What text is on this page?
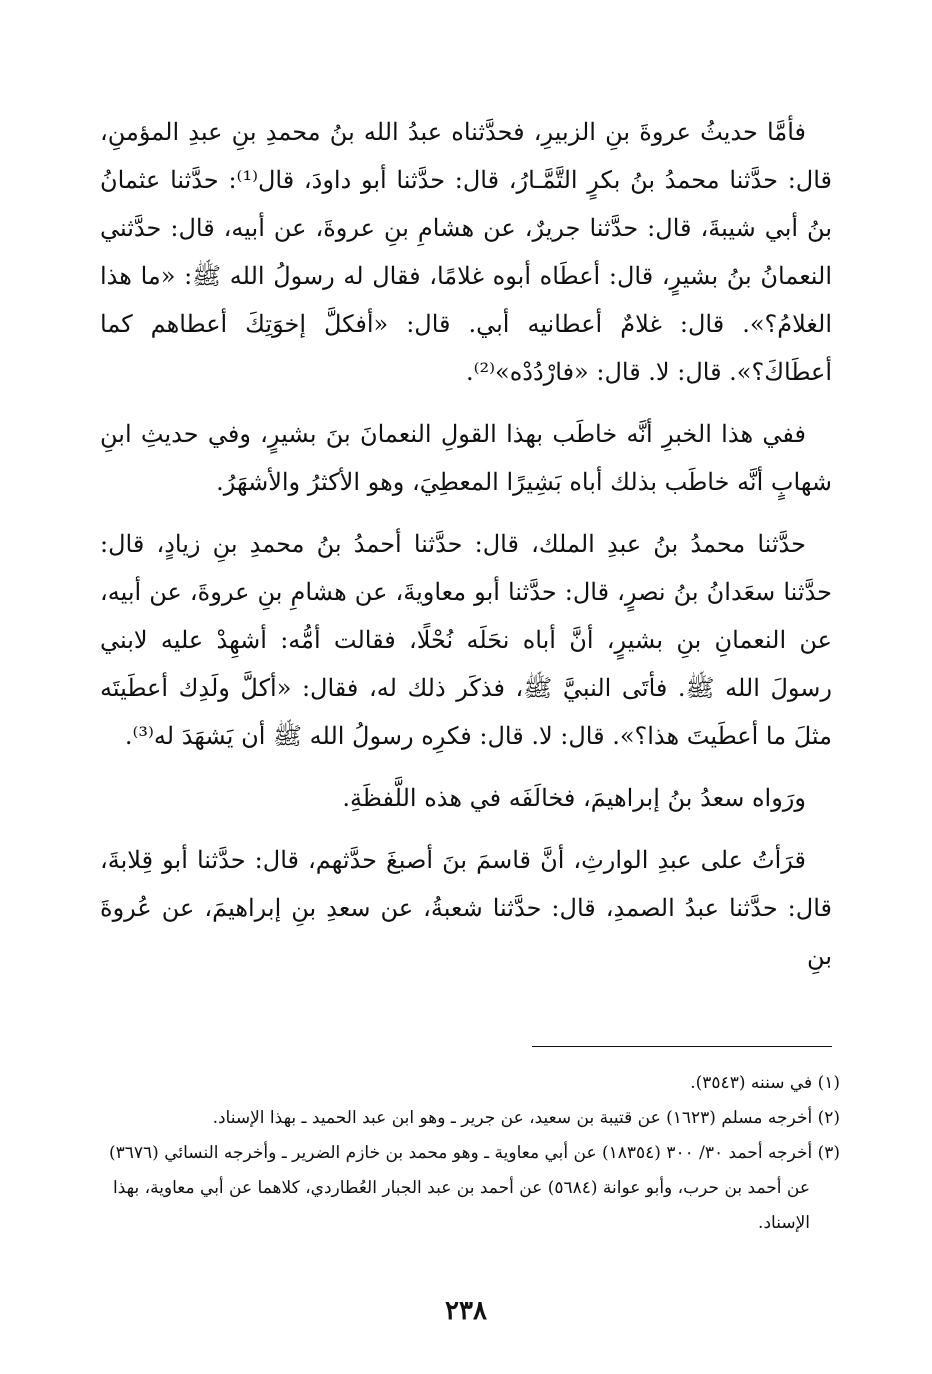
فأمَّا حديثُ عروةَ بنِ الزبيرِ، فحدَّثناه عبدُ الله بنُ محمدِ بنِ عبدِ المؤمنِ، قال: حدَّثنا محمدُ بنُ بكرٍ التَّمَّـارُ، قال: حدَّثنا أبو داودَ، قال⁽¹⁾: حدَّثنا عثمانُ بنُ أبي شيبةَ، قال: حدَّثنا جريرٌ، عن هشامِ بنِ عروةَ، عن أبيه، قال: حدَّثني النعمانُ بنُ بشيرٍ، قال: أعطَاه أبوه غلامًا، فقال له رسولُ الله ﷺ: «ما هذا الغلامُ؟». قال: غلامٌ أعطانيه أبي. قال: «أفكلَّ إخوَتِكَ أعطاهم كما أعطَاكَ؟». قال: لا. قال: «فارْدُدْه»⁽²⁾.

ففي هذا الخبرِ أنَّه خاطَب بهذا القولِ النعمانَ بنَ بشيرٍ، وفي حديثِ ابنِ شهابٍ أنَّه خاطَب بذلك أباه بَشِيرًا المعطِيَ، وهو الأكثرُ والأشهَرُ.

حدَّثنا محمدُ بنُ عبدِ الملك، قال: حدَّثنا أحمدُ بنُ محمدِ بنِ زيادٍ، قال: حدَّثنا سعَدانُ بنُ نصرٍ، قال: حدَّثنا أبو معاويةَ، عن هشامِ بنِ عروةَ، عن أبيه، عن النعمانِ بنِ بشيرٍ، أنَّ أباه نحَلَه نُحْلًا، فقالت أمُّه: أشهِدْ عليه لابني رسولَ الله ﷺ. فأتَى النبيَّ ﷺ، فذكَر ذلك له، فقال: «أكلَّ ولَدِك أعطَيتَه مثلَ ما أعطَيتَ هذا؟». قال: لا. قال: فكرِه رسولُ الله ﷺ أن يَشهَدَ له⁽³⁾.

ورَواه سعدُ بنُ إبراهيمَ، فخالَفَه في هذه اللَّفظَةِ.

قرَأتُ على عبدِ الوارثِ، أنَّ قاسمَ بنَ أصبغَ حدَّثهم، قال: حدَّثنا أبو قِلابةَ، قال: حدَّثنا عبدُ الصمدِ، قال: حدَّثنا شعبةُ، عن سعدِ بنِ إبراهيمَ، عن عُروةَ بنِ

(١) في سننه (٣٥٤٣).

(٢) أخرجه مسلم (١٦٢٣) عن قتيبة بن سعيد، عن جرير ـ وهو ابن عبد الحميد ـ بهذا الإسناد.

(٣) أخرجه أحمد ٣٠/ ٣٠٠ (١٨٣٥٤) عن أبي معاوية ـ وهو محمد بن خازم الضرير ـ وأخرجه النسائي (٣٦٧٦) عن أحمد بن حرب، وأبو عوانة (٥٦٨٤) عن أحمد بن عبد الجبار العُطاردي، كلاهما عن أبي معاوية، بهذا الإسناد.

٢٣٨
